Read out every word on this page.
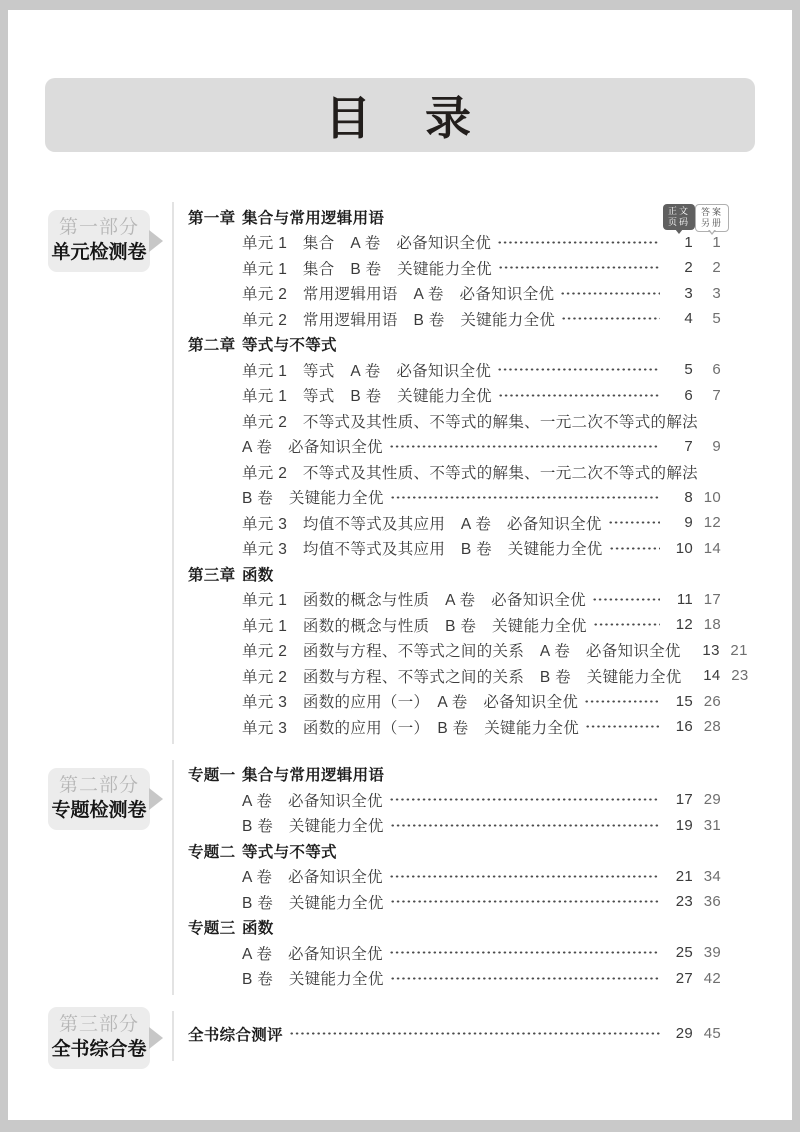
目　录
正文
页码
答案
另册
第一部分
单元检测卷
第一章 集合与常用逻辑用语
单元 1　集合　A 卷　必备知识全优	1	1
单元 1　集合　B 卷　关键能力全优	2	2
单元 2　常用逻辑用语　A 卷　必备知识全优	3	3
单元 2　常用逻辑用语　B 卷　关键能力全优	4	5
第二章 等式与不等式
单元 1　等式　A 卷　必备知识全优	5	6
单元 1　等式　B 卷　关键能力全优	6	7
单元 2　不等式及其性质、不等式的解集、一元二次不等式的解法
A 卷　必备知识全优	7	9
单元 2　不等式及其性质、不等式的解集、一元二次不等式的解法
B 卷　关键能力全优	8 10
单元 3　均值不等式及其应用　A 卷　必备知识全优	9 12
单元 3　均值不等式及其应用　B 卷　关键能力全优	10 14
第三章 函数
单元 1　函数的概念与性质　A 卷　必备知识全优	11 17
单元 1　函数的概念与性质　B 卷　关键能力全优	12 18
单元 2　函数与方程、不等式之间的关系　A 卷　必备知识全优	13 21
单元 2　函数与方程、不等式之间的关系　B 卷　关键能力全优	14 23
单元 3　函数的应用（一）　A 卷　必备知识全优	15 26
单元 3　函数的应用（一）　B 卷　关键能力全优	16 28
第二部分
专题检测卷
专题一 集合与常用逻辑用语
A 卷　必备知识全优	17 29
B 卷　关键能力全优	19 31
专题二 等式与不等式
A 卷　必备知识全优	21 34
B 卷　关键能力全优	23 36
专题三 函数
A 卷　必备知识全优	25 39
B 卷　关键能力全优	27 42
第三部分
全书综合卷
全书综合测评	29 45
